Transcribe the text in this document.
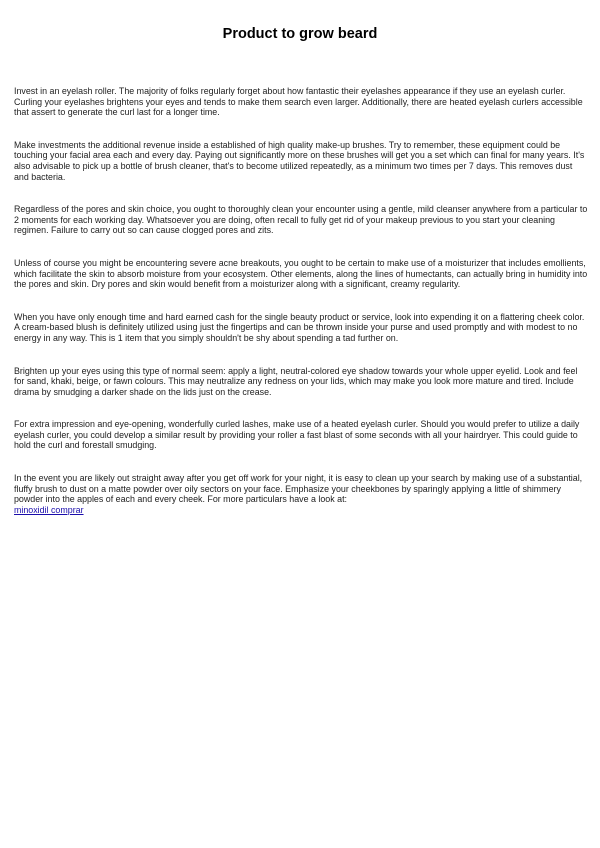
Product to grow beard

Invest in an eyelash roller. The majority of folks regularly forget about how fantastic their eyelashes appearance if they use an eyelash curler. Curling your eyelashes brightens your eyes and tends to make them search even larger. Additionally, there are heated eyelash curlers accessible that assert to generate the curl last for a longer time.

Make investments the additional revenue inside a established of high quality make-up brushes. Try to remember, these equipment could be touching your facial area each and every day. Paying out significantly more on these brushes will get you a set which can final for many years. It's also advisable to pick up a bottle of brush cleaner, that's to become utilized repeatedly, as a minimum two times per 7 days. This removes dust and bacteria.

Regardless of the pores and skin choice, you ought to thoroughly clean your encounter using a gentle, mild cleanser anywhere from a particular to 2 moments for each working day. Whatsoever you are doing, often recall to fully get rid of your makeup previous to you start your cleaning regimen. Failure to carry out so can cause clogged pores and zits.

Unless of course you might be encountering severe acne breakouts, you ought to be certain to make use of a moisturizer that includes emollients, which facilitate the skin to absorb moisture from your ecosystem. Other elements, along the lines of humectants, can actually bring in humidity into the pores and skin. Dry pores and skin would benefit from a moisturizer along with a significant, creamy regularity.

When you have only enough time and hard earned cash for the single beauty product or service, look into expending it on a flattering cheek color. A cream-based blush is definitely utilized using just the fingertips and can be thrown inside your purse and used promptly and with modest to no energy in any way. This is 1 item that you simply shouldn't be shy about spending a tad further on.

Brighten up your eyes using this type of normal seem: apply a light, neutral-colored eye shadow towards your whole upper eyelid. Look and feel for sand, khaki, beige, or fawn colours. This may neutralize any redness on your lids, which may make you look more mature and tired. Include drama by smudging a darker shade on the lids just on the crease.

For extra impression and eye-opening, wonderfully curled lashes, make use of a heated eyelash curler. Should you would prefer to utilize a daily eyelash curler, you could develop a similar result by providing your roller a fast blast of some seconds with all your hairdryer. This could guide to hold the curl and forestall smudging.

In the event you are likely out straight away after you get off work for your night, it is easy to clean up your search by making use of a substantial, fluffy brush to dust on a matte powder over oily sectors on your face. Emphasize your cheekbones by sparingly applying a little of shimmery powder into the apples of each and every cheek. For more particulars have a look at:
minoxidil comprar
